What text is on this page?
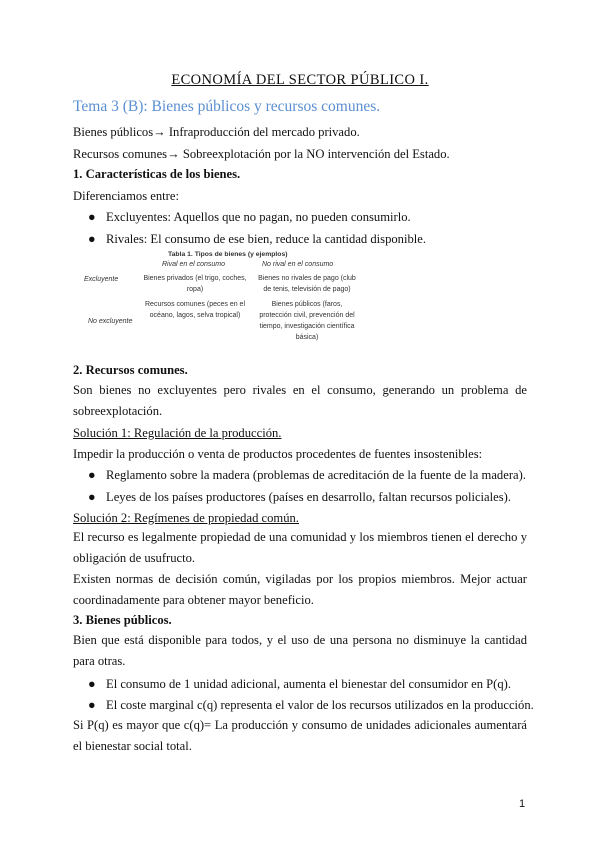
ECONOMÍA DEL SECTOR PÚBLICO I.
Tema 3 (B): Bienes públicos y recursos comunes.
Bienes públicos→ Infraproducción del mercado privado.
Recursos comunes→ Sobreexplotación por la NO intervención del Estado.
1. Características de los bienes.
Diferenciamos entre:
● Excluyentes: Aquellos que no pagan, no pueden consumirlo.
● Rivales: El consumo de ese bien, reduce la cantidad disponible.
Tabla 1. Tipos de bienes (y ejemplos)
Rival en el consumo	No rival en el consumo
Excluyente
No excluyente
Bienes privados (el trigo, coches,
ropa)
Bienes no rivales de pago (club
de tenis, televisión de pago)
Recursos comunes (peces en el
océano, lagos, selva tropical)
Bienes públicos (faros,
protección civil, prevención del
tiempo, investigación científica
básica)
2. Recursos comunes.
Son bienes no excluyentes pero rivales en el consumo, generando un problema de sobreexplotación.
Solución 1: Regulación de la producción.
Impedir la producción o venta de productos procedentes de fuentes insostenibles:
● Reglamento sobre la madera (problemas de acreditación de la fuente de la madera).
● Leyes de los países productores (países en desarrollo, faltan recursos policiales).
Solución 2: Regímenes de propiedad común.
El recurso es legalmente propiedad de una comunidad y los miembros tienen el derecho y obligación de usufructo.
Existen normas de decisión común, vigiladas por los propios miembros. Mejor actuar coordinadamente para obtener mayor beneficio.
3. Bienes públicos.
Bien que está disponible para todos, y el uso de una persona no disminuye la cantidad para otras.
● El consumo de 1 unidad adicional, aumenta el bienestar del consumidor en P(q).
● El coste marginal c(q) representa el valor de los recursos utilizados en la producción.
Si P(q) es mayor que c(q)= La producción y consumo de unidades adicionales aumentará el bienestar social total.
1
